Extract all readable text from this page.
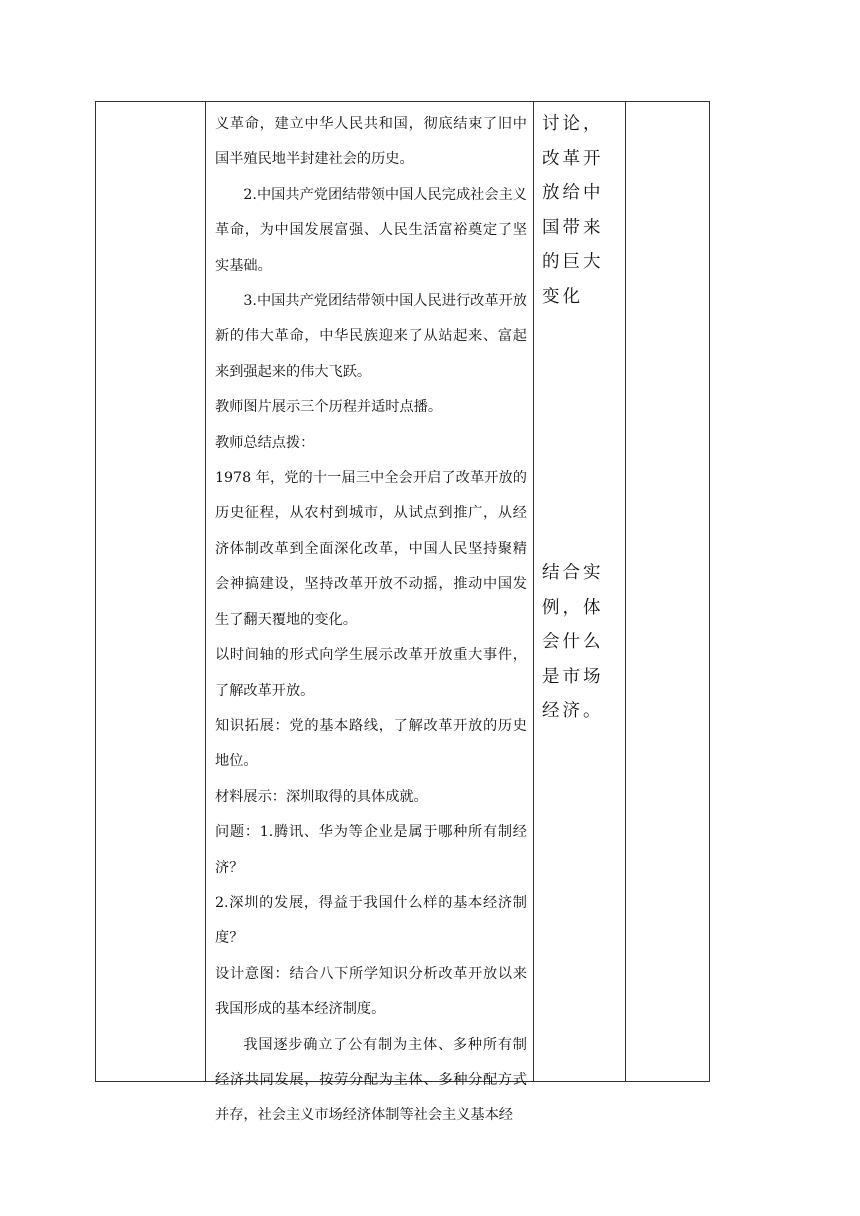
义革命，建立中华人民共和国，彻底结束了旧中国半殖民地半封建社会的历史。

2.中国共产党团结带领中国人民完成社会主义革命，为中国发展富强、人民生活富裕奠定了坚实基础。

3.中国共产党团结带领中国人民进行改革开放新的伟大革命，中华民族迎来了从站起来、富起来到强起来的伟大飞跃。

教师图片展示三个历程并适时点播。

教师总结点拨：

1978 年，党的十一届三中全会开启了改革开放的历史征程，从农村到城市，从试点到推广，从经济体制改革到全面深化改革，中国人民坚持聚精会神搞建设，坚持改革开放不动摇，推动中国发生了翻天覆地的变化。

以时间轴的形式向学生展示改革开放重大事件，了解改革开放。

知识拓展：党的基本路线，了解改革开放的历史地位。

材料展示：深圳取得的具体成就。

问题：1.腾讯、华为等企业是属于哪种所有制经济？

2.深圳的发展，得益于我国什么样的基本经济制度？

设计意图：结合八下所学知识分析改革开放以来我国形成的基本经济制度。

我国逐步确立了公有制为主体、多种所有制经济共同发展，按劳分配为主体、多种分配方式并存，社会主义市场经济体制等社会主义基本经

讨论，改革开放给中国带来的巨大变化

结合实例，体会什么是市场经济。
